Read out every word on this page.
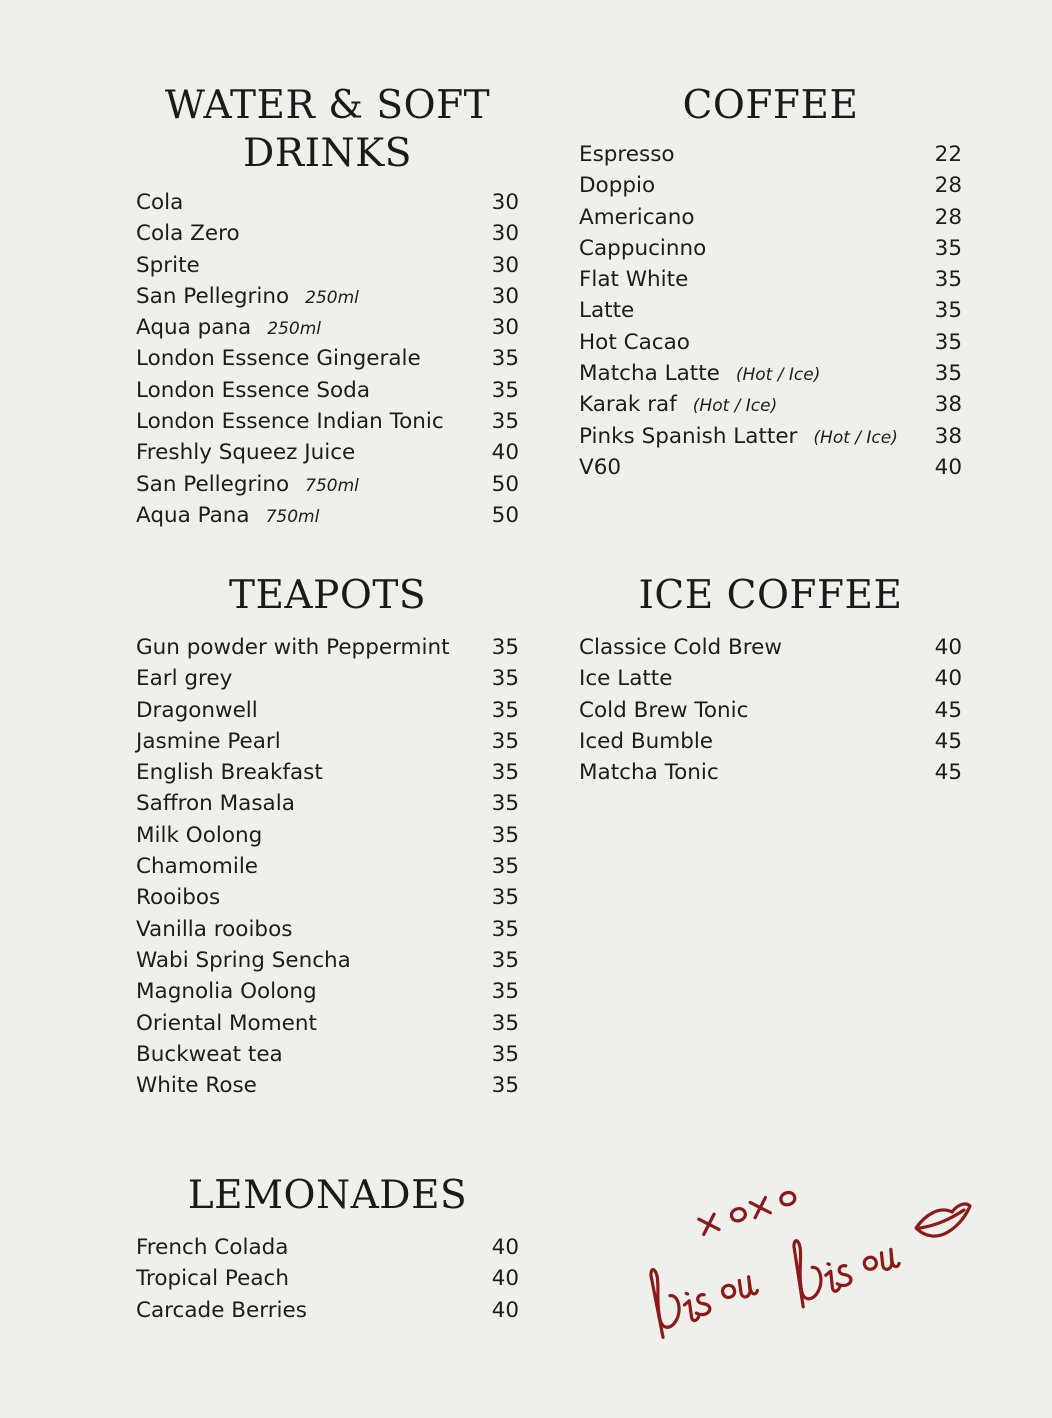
WATER & SOFT DRINKS
Cola	30
Cola Zero	30
Sprite	30
San Pellegrino 250ml	30
Aqua pana 250ml	30
London Essence Gingerale	35
London Essence Soda	35
London Essence Indian Tonic	35
Freshly Squeez Juice	40
San Pellegrino 750ml	50
Aqua Pana 750ml	50
COFFEE
Espresso	22
Doppio	28
Americano	28
Cappucinno	35
Flat White	35
Latte	35
Hot Cacao	35
Matcha Latte (Hot / Ice)	35
Karak raf (Hot / Ice)	38
Pinks Spanish Latter (Hot / Ice)	38
V60	40
TEAPOTS
Gun powder with Peppermint	35
Earl grey	35
Dragonwell	35
Jasmine Pearl	35
English Breakfast	35
Saffron Masala	35
Milk Oolong	35
Chamomile	35
Rooibos	35
Vanilla rooibos	35
Wabi Spring Sencha	35
Magnolia Oolong	35
Oriental Moment	35
Buckweat tea	35
White Rose	35
ICE COFFEE
Classice Cold Brew	40
Ice Latte	40
Cold Brew Tonic	45
Iced Bumble	45
Matcha Tonic	45
LEMONADES
French Colada	40
Tropical Peach	40
Carcade Berries	40
